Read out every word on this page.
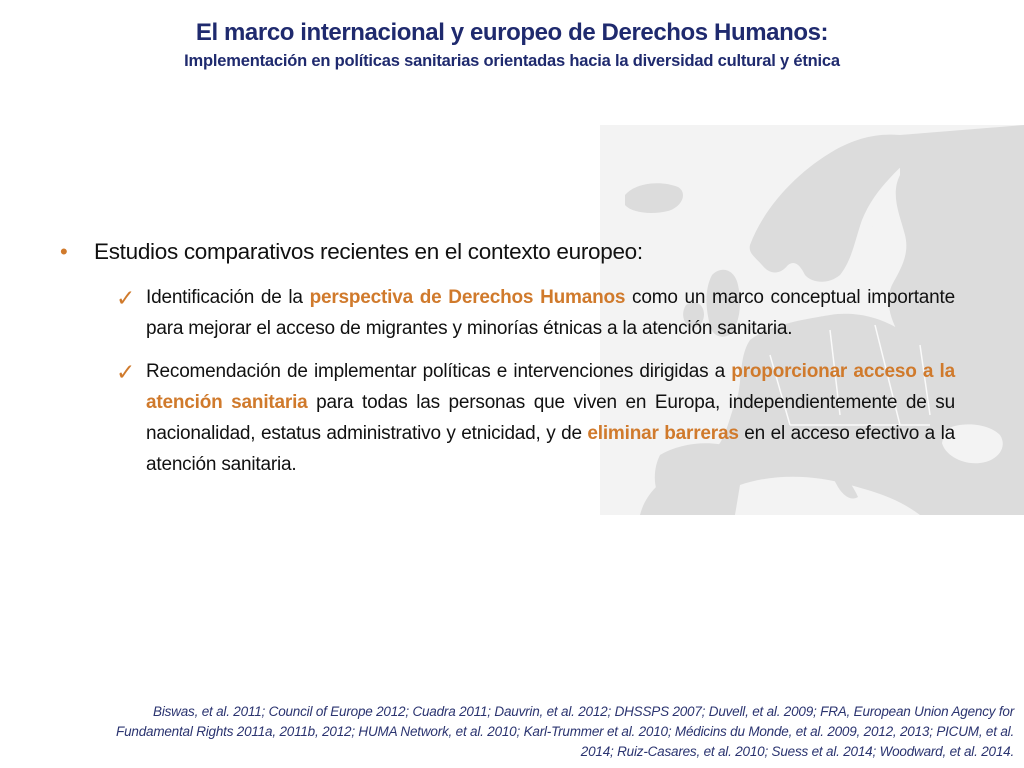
El marco internacional y europeo de Derechos Humanos:
Implementación en políticas sanitarias orientadas hacia la diversidad cultural y étnica
• Estudios comparativos recientes en el contexto europeo:
✓ Identificación de la perspectiva de Derechos Humanos como un marco conceptual importante para mejorar el acceso de migrantes y minorías étnicas a la atención sanitaria.
✓ Recomendación de implementar políticas e intervenciones dirigidas a proporcionar acceso a la atención sanitaria para todas las personas que viven en Europa, independientemente de su nacionalidad, estatus administrativo y etnicidad, y de eliminar barreras en el acceso efectivo a la atención sanitaria.
Biswas, et al. 2011; Council of Europe 2012; Cuadra 2011; Dauvrin, et al. 2012; DHSSPS 2007; Duvell, et al. 2009; FRA, European Union Agency for
Fundamental Rights 2011a, 2011b, 2012; HUMA Network, et al. 2010; Karl-Trummer et al. 2010; Médicins du Monde, et al. 2009, 2012, 2013; PICUM, et al.
2014; Ruiz-Casares, et al. 2010; Suess et al. 2014; Woodward, et al. 2014.
